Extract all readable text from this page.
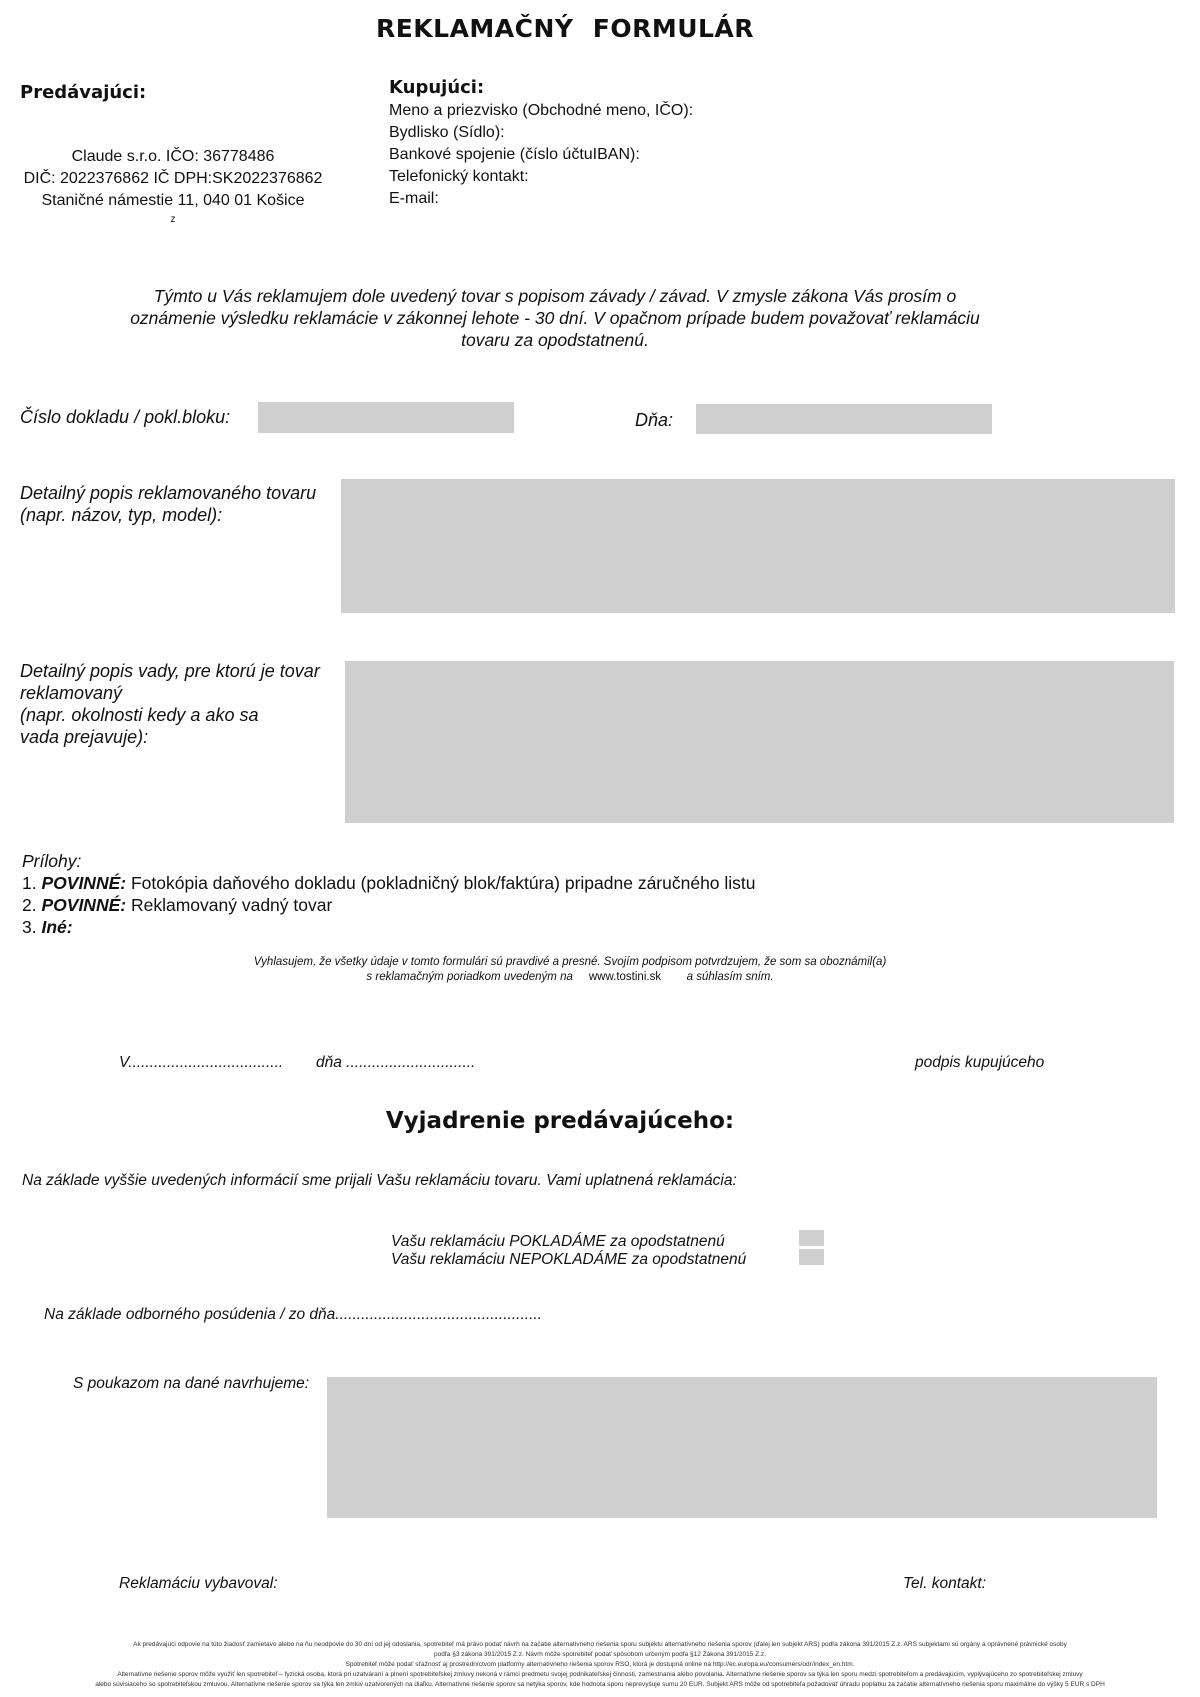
REKLAMAČNÝ FORMULÁR
Predávajúci:
Claude s.r.o. IČO: 36778486
DIČ: 2022376862 IČ DPH:SK2022376862
Staničné námestie 11, 040 01 Košice
z
Kupujúci:
Meno a priezvisko (Obchodné meno, IČO):
Bydlisko (Sídlo):
Bankové spojenie (číslo účtuIBAN):
Telefonický kontakt:
E-mail:
Týmto u Vás reklamujem dole uvedený tovar s popisom závady / závad. V zmysle zákona Vás prosím o oznámenie výsledku reklamácie v zákonnej lehote - 30 dní. V opačnom prípade budem považovať reklamáciu tovaru za opodstatnenú.
Číslo dokladu / pokl.bloku:	Dňa:
Detailný popis reklamovaného tovaru
(napr. názov, typ, model):
Detailný popis vady, pre ktorú je tovar
reklamovaný
(napr. okolnosti kedy a ako sa
vada prejavuje):
Prílohy:
1. POVINNÉ: Fotokópia daňového dokladu (pokladničný blok/faktúra) pripadne záručného listu
2. POVINNÉ: Reklamovaný vadný tovar
3. Iné:
Vyhlasujem, že všetky údaje v tomto formulári sú pravdivé a presné. Svojím podpisom potvrdzujem, že som sa oboznámil(a)
s reklamačným poriadkom uvedeným na www.tostini.sk a súhlasím sním.
V.................................... dňa ..............................	podpis kupujúceho
Vyjadrenie predávajúceho:
Na základe vyššie uvedených informácií sme prijali Vašu reklamáciu tovaru. Vami uplatnená reklamácia:
Vašu reklamáciu POKLADÁME za opodstatnenú
Vašu reklamáciu NEPOKLADÁME za opodstatnenú
Na základe odborného posúdenia / zo dňa................................................
S poukazom na dané navrhujeme:
Reklamáciu vybavoval:	Tel. kontakt:
Ak predávajúci odpovie na túto žiadosť zamietavo alebo na ňu neodpovie do 30 dní od jej odoslania, spotrebiteľ má právo podať návrh na začatie alternatívneho riešenia sporu subjektu alternatívneho riešenia sporov (ďalej len subjekt ARS) podľa zákona 391/2015 Z.z. ARS subjektami sú orgány a oprávnené právnické osoby
podľa §3 zákona 391/2015 Z.z. Návrh môže spotrebiteľ podať spôsobom určeným podľa §12 Zákona 391/2015 Z.z.
Spotrebiteľ môže podať sťažnosť aj prostredníctvom platformy alternatívneho riešenia sporov RSO, ktorá je dostupná online na http://ec.europa.eu/consumers/odr/index_en.htm.
Alternatívne riešenie sporov môže využiť len spotrebiteľ – fyzická osoba, ktorá pri uzatváraní a plnení spotrebiteľskej zmluvy nekoná v rámci predmetu svojej podnikateľskej činnosti, zamestnania alebo povolania. Alternatívne riešenie sporov sa týka len sporu medzi spotrebiteľom a predávajúcim, vyplývajúceho zo spotrebiteľskej zmluvy
alebo súvisiaceho so spotrebiteľskou zmluvou. Alternatívne riešenie sporov sa týka len zmlúv uzatvorených na diaľku. Alternatívne riešenie sporov sa netýka sporov, kde hodnota sporu neprevyšuje sumu 20 EUR. Subjekt ARS môže od spotrebiteľa požadovať úhradu poplatku za začatie alternatívneho riešenia sporu maximálne do výšky 5 EUR s DPH
